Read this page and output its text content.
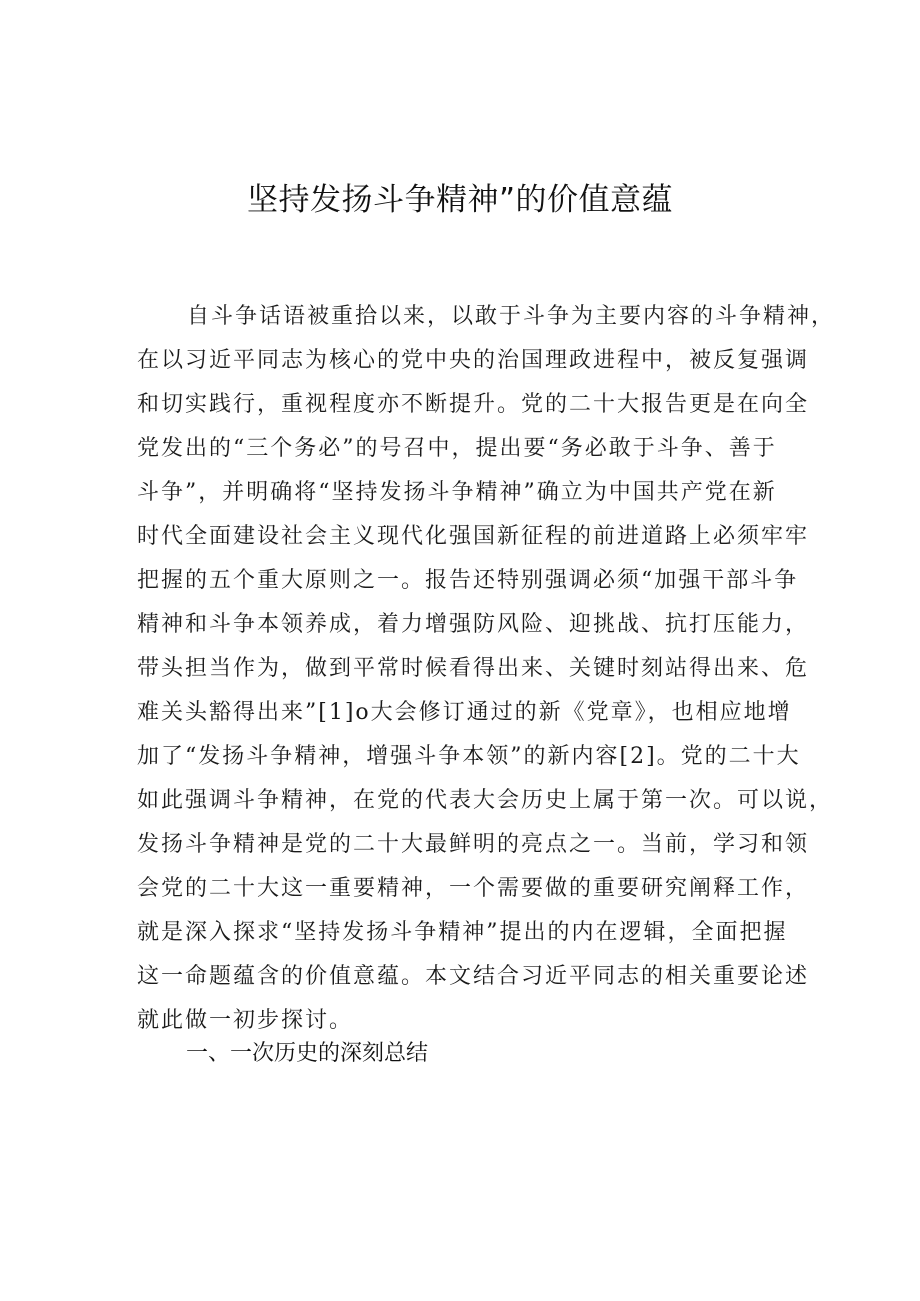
坚持发扬斗争精神”的价值意蕴
自斗争话语被重拾以来，以敢于斗争为主要内容的斗争精神，
在以习近平同志为核心的党中央的治国理政进程中，被反复强调
和切实践行，重视程度亦不断提升。党的二十大报告更是在向全
党发出的“三个务必”的号召中，提出要“务必敢于斗争、善于
斗争”，并明确将“坚持发扬斗争精神”确立为中国共产党在新
时代全面建设社会主义现代化强国新征程的前进道路上必须牢牢
把握的五个重大原则之一。报告还特别强调必须“加强干部斗争
精神和斗争本领养成，着力增强防风险、迎挑战、抗打压能力，
带头担当作为，做到平常时候看得出来、关键时刻站得出来、危
难关头豁得出来”[1]o大会修订通过的新《党章》，也相应地增
加了“发扬斗争精神，增强斗争本领”的新内容[2]。党的二十大
如此强调斗争精神，在党的代表大会历史上属于第一次。可以说，
发扬斗争精神是党的二十大最鲜明的亮点之一。当前，学习和领
会党的二十大这一重要精神，一个需要做的重要研究阐释工作，
就是深入探求“坚持发扬斗争精神”提出的内在逻辑，全面把握
这一命题蕴含的价值意蕴。本文结合习近平同志的相关重要论述
就此做一初步探讨。
一、一次历史的深刻总结
